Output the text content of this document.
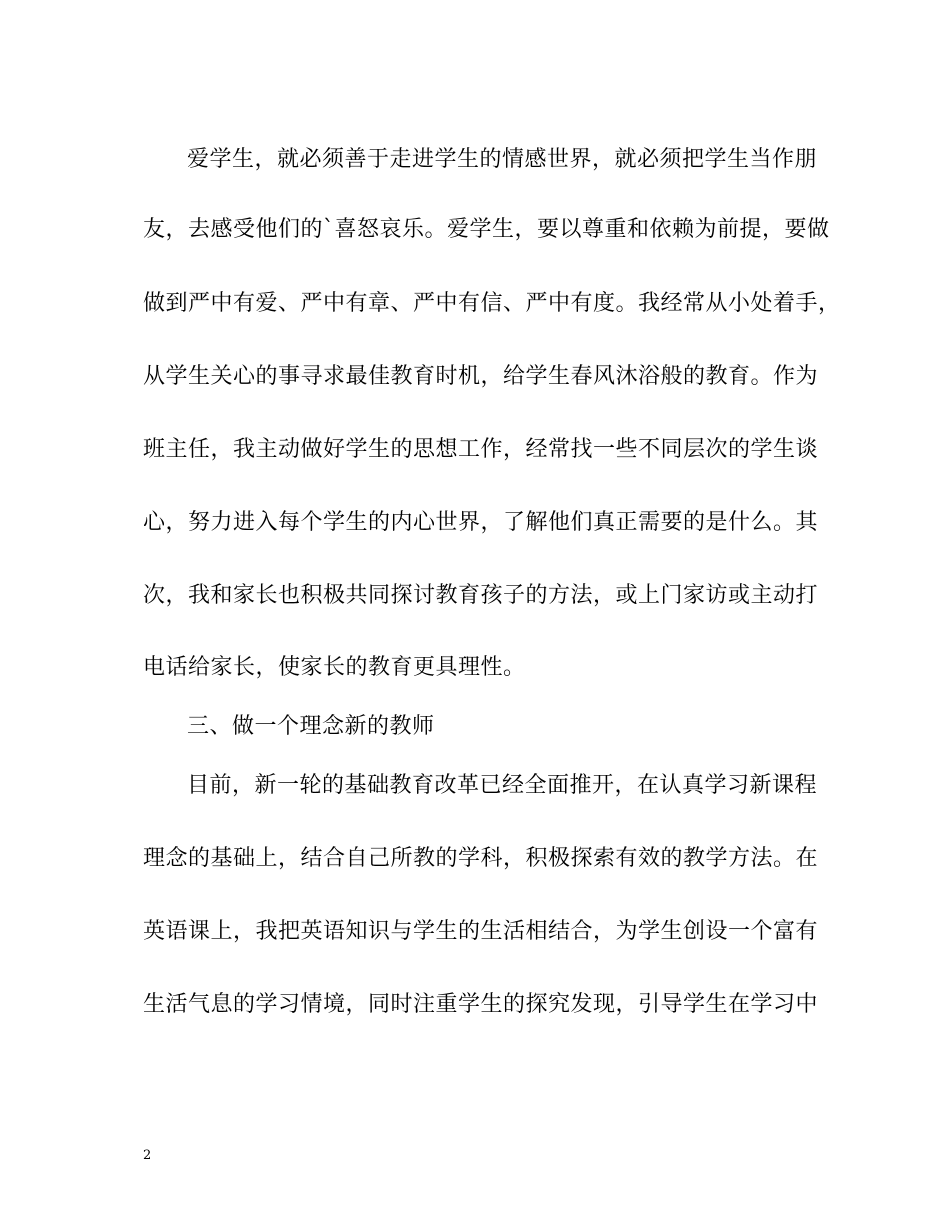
爱学生，就必须善于走进学生的情感世界，就必须把学生当作朋
友，去感受他们的`喜怒哀乐。爱学生，要以尊重和依赖为前提，要做
做到严中有爱、严中有章、严中有信、严中有度。我经常从小处着手，
从学生关心的事寻求最佳教育时机，给学生春风沐浴般的教育。作为
班主任，我主动做好学生的思想工作，经常找一些不同层次的学生谈
心，努力进入每个学生的内心世界，了解他们真正需要的是什么。其
次，我和家长也积极共同探讨教育孩子的方法，或上门家访或主动打
电话给家长，使家长的教育更具理性。
三、做一个理念新的教师
目前，新一轮的基础教育改革已经全面推开，在认真学习新课程
理念的基础上，结合自己所教的学科，积极探索有效的教学方法。在
英语课上，我把英语知识与学生的生活相结合，为学生创设一个富有
生活气息的学习情境，同时注重学生的探究发现，引导学生在学习中
2
